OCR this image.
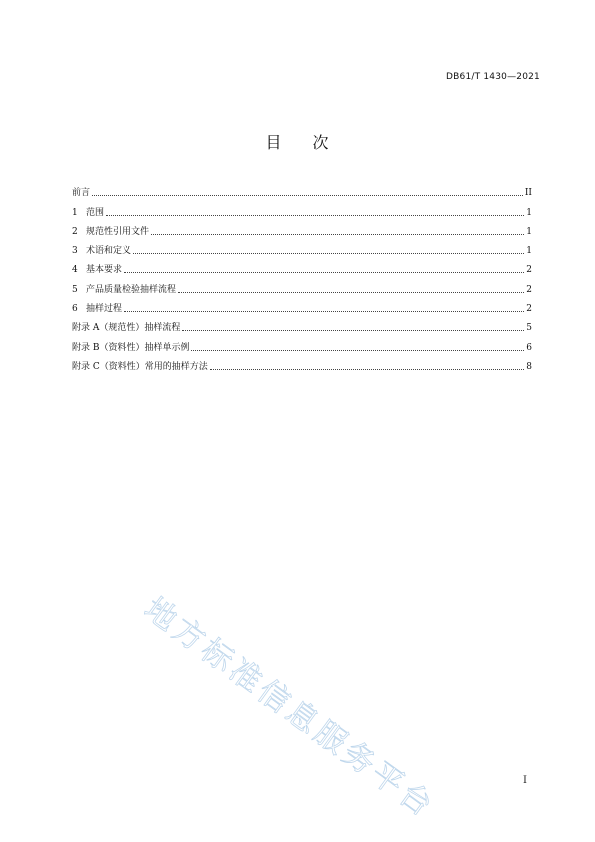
DB61/T 1430—2021
目 次
前言	II
1 范围	1
2 规范性引用文件	1
3 术语和定义	1
4 基本要求	2
5 产品质量检验抽样流程	2
6 抽样过程	2
附录 A（规范性）抽样流程	5
附录 B（资料性）抽样单示例	6
附录 C（资料性）常用的抽样方法	8
地方标准信息服务平台	I
